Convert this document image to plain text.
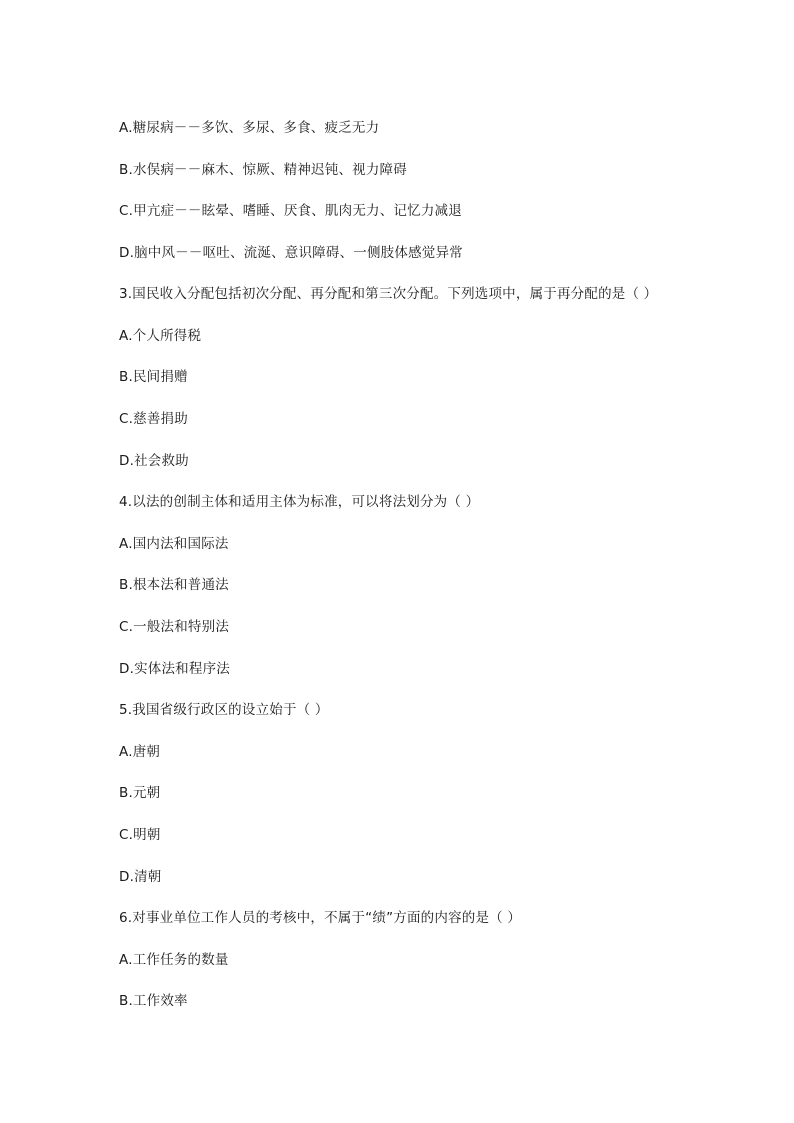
A.糖尿病－－多饮、多尿、多食、疲乏无力
B.水俣病－－麻木、惊厥、精神迟钝、视力障碍
C.甲亢症－－眩晕、嗜睡、厌食、肌肉无力、记忆力减退
D.脑中风－－呕吐、流涎、意识障碍、一侧肢体感觉异常
3.国民收入分配包括初次分配、再分配和第三次分配。下列选项中，属于再分配的是（ ）
A.个人所得税
B.民间捐赠
C.慈善捐助
D.社会救助
4.以法的创制主体和适用主体为标准，可以将法划分为（ ）
A.国内法和国际法
B.根本法和普通法
C.一般法和特别法
D.实体法和程序法
5.我国省级行政区的设立始于（ ）
A.唐朝
B.元朝
C.明朝
D.清朝
6.对事业单位工作人员的考核中，不属于“绩”方面的内容的是（ ）
A.工作任务的数量
B.工作效率
